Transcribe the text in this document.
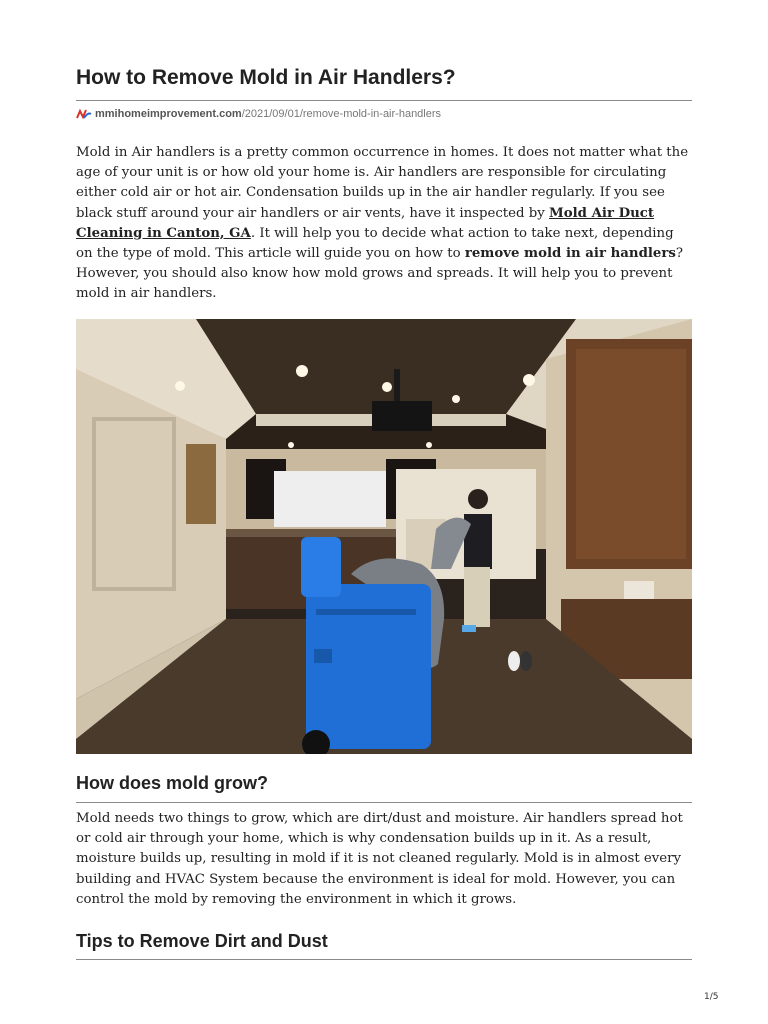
How to Remove Mold in Air Handlers?
mmihomeimprovement.com /2021/09/01/remove-mold-in-air-handlers

Mold in Air handlers is a pretty common occurrence in homes. It does not matter what the age of your unit is or how old your home is. Air handlers are responsible for circulating either cold air or hot air. Condensation builds up in the air handler regularly. If you see black stuff around your air handlers or air vents, have it inspected by Mold Air Duct Cleaning in Canton, GA. It will help you to decide what action to take next, depending on the type of mold. This article will guide you on how to remove mold in air handlers? However, you should also know how mold grows and spreads. It will help you to prevent mold in air handlers.

How does mold grow?

Mold needs two things to grow, which are dirt/dust and moisture. Air handlers spread hot or cold air through your home, which is why condensation builds up in it. As a result, moisture builds up, resulting in mold if it is not cleaned regularly. Mold is in almost every building and HVAC System because the environment is ideal for mold. However, you can control the mold by removing the environment in which it grows.

Tips to Remove Dirt and Dust
1/5
